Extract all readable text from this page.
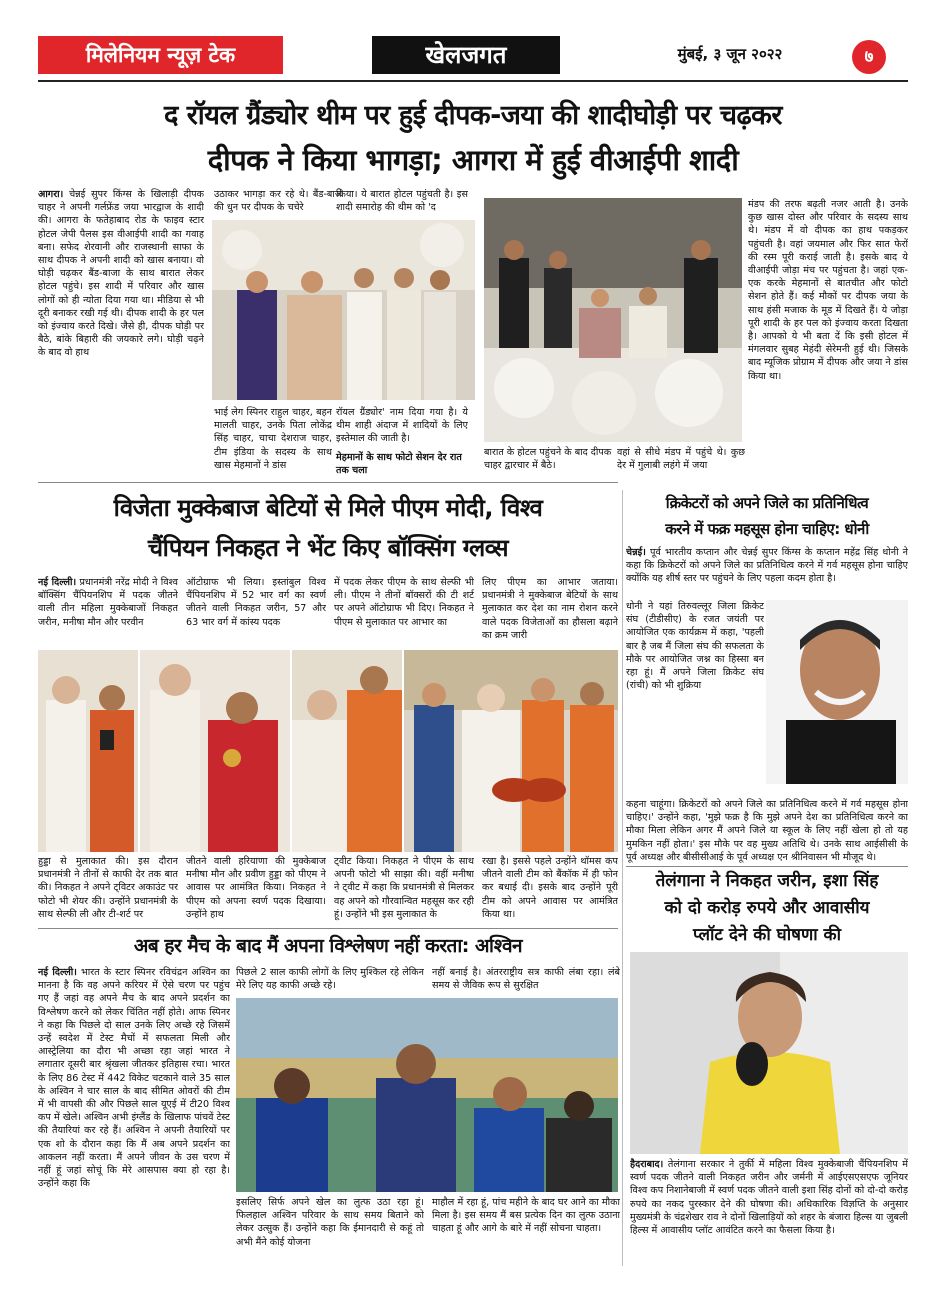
मिलेनियम न्यूज़ टेक	खेलजगत	मुंबई, ३ जून २०२२	७
द रॉयल ग्रैंड्योर थीम पर हुई दीपक-जया की शादीघोड़ी पर चढ़कर
दीपक ने किया भागड़ा; आगरा में हुई वीआईपी शादी
आगरा। चेन्नई सुपर किंग्स के खिलाड़ी दीपक चाहर ने अपनी गर्लफ्रेंड जया भारद्वाज के शादी की। आगरा के फतेहाबाद रोड के फाइव स्टार होटल जेपी पैलस इस वीआईपी शादी का गवाह बना। सफेद शेरवानी और राजस्थानी साफा के साथ दीपक ने अपनी शादी को खास बनाया। वो घोड़ी चढ़कर बैंड-बाजा के साथ बारात लेकर होटल पहुंचे। इस शादी में परिवार और खास लोगों को ही न्योता दिया गया था। मीडिया से भी दूरी बनाकर रखी गई थी। दीपक शादी के हर पल को इंज्वाय करते दिखे। जैसे ही, दीपक घोड़ी पर बैठे, बांके बिहारी की जयकारे लगे। घोड़ी चढ़ने के बाद वो हाथ
उठाकर भागड़ा कर रहे थे। बैंड-बाजे की धुन पर दीपक के चचेरे
किया। ये बारात होटल पहुंचती है। इस शादी समारोह की थीम को 'द
भाई लेग स्पिनर राहुल चाहर, बहन मालती चाहर, उनके पिता लोकेंद्र सिंह चाहर, चाचा देशराज चाहर, टीम इंडिया के सदस्य के साथ खास मेहमानों ने डांस
रॉयल ग्रैंड्योर' नाम दिया गया है। ये थीम शाही अंदाज में शादियों के लिए इस्तेमाल की जाती है।
मेहमानों के साथ फोटो सेशन देर रात तक चला
बारात के होटल पहुंचने के बाद दीपक चाहर द्वारचार में बैठे।
वहां से सीधे मंडप में पहुंचे थे। कुछ देर में गुलाबी लहंगे में जया
मंडप की तरफ बढ़ती नजर आती है। उनके कुछ खास दोस्त और परिवार के सदस्य साथ थे। मंडप में वो दीपक का हाथ पकड़कर पहुंचती है। वहां जयमाल और फिर सात फेरों की रस्म पूरी कराई जाती है। इसके बाद ये वीआईपी जोड़ा मंच पर पहुंचता है। जहां एक-एक करके मेहमानों से बातचीत और फोटो सेशन होते हैं। कई मौकों पर दीपक जया के साथ हंसी मजाक के मूड में दिखते हैं। ये जोड़ा पूरी शादी के हर पल को इंज्वाय करता दिखता है। आपको ये भी बता दें कि इसी होटल में मंगलवार सुबह मेहंदी सेरेमनी हुई थी। जिसके बाद म्यूजिक प्रोग्राम में दीपक और जया ने डांस किया था।
विजेता मुक्केबाज बेटियों से मिले पीएम मोदी, विश्व
चैंपियन निकहत ने भेंट किए बॉक्सिंग ग्लव्स
नई दिल्ली। प्रधानमंत्री नरेंद्र मोदी ने विश्व बॉक्सिंग चैंपियनशिप में पदक जीतने वाली तीन महिला मुक्केबाजों निकहत जरीन, मनीषा मौन और परवीन
ऑटोग्राफ भी लिया। इस्तांबुल विश्व चैंपियनशिप में 52 भार वर्ग का स्वर्ण जीतने वाली निकहत जरीन, 57 और 63 भार वर्ग में कांस्य पदक
में पदक लेकर पीएम के साथ सेल्फी भी ली। पीएम ने तीनों बॉक्सरों की टी शर्ट पर अपने ऑटोग्राफ भी दिए। निकहत ने पीएम से मुलाकात पर आभार का
लिए पीएम का आभार जताया। प्रधानमंत्री ने मुक्केबाज बेटियों के साथ मुलाकात कर देश का नाम रोशन करने वाले पदक विजेताओं का हौसला बढ़ाने का क्रम जारी
हुड्डा से मुलाकात की। इस दौरान प्रधानमंत्री ने तीनों से काफी देर तक बात की। निकहत ने अपने ट्विटर अकाउंट पर फोटो भी शेयर की। उन्होंने प्रधानमंत्री के साथ सेल्फी ली और टी-शर्ट पर
जीतने वाली हरियाणा की मुक्केबाज मनीषा मौन और प्रवीण हुड्डा को पीएम ने आवास पर आमंत्रित किया। निकहत ने पीएम को अपना स्वर्ण पदक दिखाया। उन्होंने हाथ
ट्वीट किया। निकहत ने पीएम के साथ अपनी फोटो भी साझा की। वहीं मनीषा ने ट्वीट में कहा कि प्रधानमंत्री से मिलकर वह अपने को गौरवान्वित महसूस कर रही हूं। उन्होंने भी इस मुलाकात के
रखा है। इससे पहले उन्होंने थॉमस कप जीतने वाली टीम को बैंकॉक में ही फोन कर बधाई दी। इसके बाद उन्होंने पूरी टीम को अपने आवास पर आमंत्रित किया था।
क्रिकेटरों को अपने जिले का प्रतिनिधित्व
करने में फक्र महसूस होना चाहिए: धोनी
चेन्नई। पूर्व भारतीय कप्तान और चेन्नई सुपर किंग्स के कप्तान महेंद्र सिंह धोनी ने कहा कि क्रिकेटरों को अपने जिले का प्रतिनिधित्व करने में गर्व महसूस होना चाहिए क्योंकि यह शीर्ष स्तर पर पहुंचने के लिए पहला कदम होता है।
धोनी ने यहां तिरुवल्लूर जिला क्रिकेट संघ (टीडीसीए) के रजत जयंती पर आयोजित एक कार्यक्रम में कहा, 'पहली बार है जब मैं जिला संघ की सफलता के मौके पर आयोजित जश्न का हिस्सा बन रहा हूं। मैं अपने जिला क्रिकेट संघ (रांची) को भी शुक्रिया
कहना चाहूंगा। क्रिकेटरों को अपने जिले का प्रतिनिधित्व करने में गर्व महसूस होना चाहिए।' उन्होंने कहा, 'मुझे फक्र है कि मुझे अपने देश का प्रतिनिधित्व करने का मौका मिला लेकिन अगर मैं अपने जिले या स्कूल के लिए नहीं खेला हो तो यह मुमकिन नहीं होता।' इस मौके पर वह मुख्य अतिथि थे। उनके साथ आईसीसी के पूर्व अध्यक्ष और बीसीसीआई के पूर्व अध्यक्ष एन श्रीनिवासन भी मौजूद थे।
तेलंगाना ने निकहत जरीन, इशा सिंह
को दो करोड़ रुपये और आवासीय
प्लॉट देने की घोषणा की
हैदराबाद। तेलंगाना सरकार ने तुर्की में महिला विश्व मुक्केबाजी चैंपियनशिप में स्वर्ण पदक जीतने वाली निकहत जरीन और जर्मनी में आईएसएसएफ जूनियर विश्व कप निशानेबाजी में स्वर्ण पदक जीतने वाली इशा सिंह दोनों को दो-दो करोड़ रुपये का नकद पुरस्कार देने की घोषणा की। अधिकारिक विज्ञप्ति के अनुसार मुख्यमंत्री के चंद्रशेखर राव ने दोनों खिलाड़ियों को शहर के बंजारा हिल्स या जुबली हिल्स में आवासीय प्लॉट आवंटित करने का फैसला किया है।
अब हर मैच के बाद मैं अपना विश्लेषण नहीं करता: अश्विन
नई दिल्ली। भारत के स्टार स्पिनर रविचंद्रन अश्विन का मानना है कि वह अपने करियर में ऐसे चरण पर पहुंच गए हैं जहां वह अपने मैच के बाद अपने प्रदर्शन का विश्लेषण करने को लेकर चिंतित नहीं होते। आफ स्पिनर ने कहा कि पिछले दो साल उनके लिए अच्छे रहे जिसमें उन्हें स्वदेश में टेस्ट मैचों में सफलता मिली और आस्ट्रेलिया का दौरा भी अच्छा रहा जहां भारत ने लगातार दूसरी बार श्रृंखला जीतकर इतिहास रचा। भारत के लिए 86 टेस्ट में 442 विकेट चटकाने वाले 35 साल के अश्विन ने चार साल के बाद सीमित ओवरों की टीम में भी वापसी की और पिछले साल यूएई में टी20 विश्व कप में खेले। अश्विन अभी इंग्लैंड के खिलाफ पांचवें टेस्ट की तैयारियां कर रहे हैं। अश्विन ने अपनी तैयारियों पर एक शो के दौरान कहा कि मैं अब अपने प्रदर्शन का आकलन नहीं करता। मैं अपने जीवन के उस चरण में नहीं हूं जहां सोचूं कि मेरे आसपास क्या हो रहा है। उन्होंने कहा कि
पिछले 2 साल काफी लोगों के लिए मुश्किल रहे लेकिन मेरे लिए यह काफी अच्छे रहे।
नहीं बनाई है। अंतरराष्ट्रीय सत्र काफी लंबा रहा। लंबे समय से जैविक रूप से सुरक्षित
इसलिए सिर्फ अपने खेल का लुत्फ उठा रहा हूं। फिलहाल अश्विन परिवार के साथ समय बिताने को लेकर उत्सुक हैं। उन्होंने कहा कि ईमानदारी से कहूं तो अभी मैंने कोई योजना
माहौल में रहा हूं, पांच महीने के बाद घर आने का मौका मिला है। इस समय मैं बस प्रत्येक दिन का लुत्फ उठाना चाहता हूं और आगे के बारे में नहीं सोचना चाहता।
